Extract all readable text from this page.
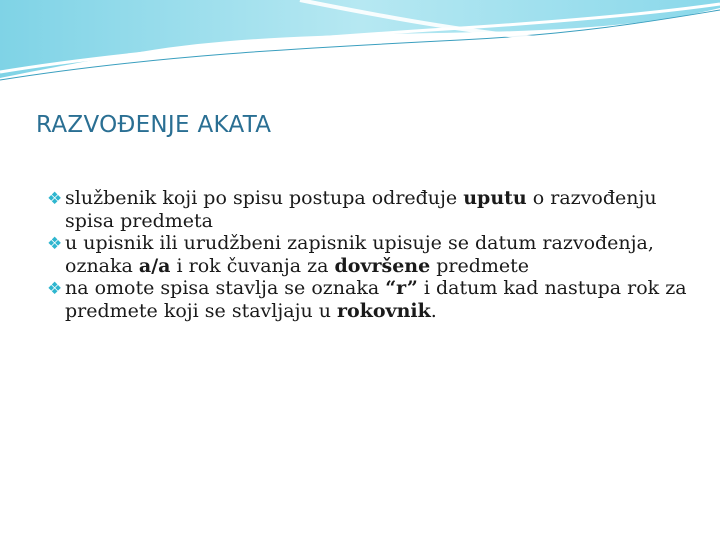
RAZVOĐENJE AKATA
❖ službenik koji po spisu postupa određuje uputu o razvođenju spisa predmeta
❖ u upisnik ili urudžbeni zapisnik upisuje se datum razvođenja, oznaka a/a i rok čuvanja za dovršene predmete
❖ na omote spisa stavlja se oznaka “r” i datum kad nastupa rok za predmete koji se stavljaju u rokovnik.
